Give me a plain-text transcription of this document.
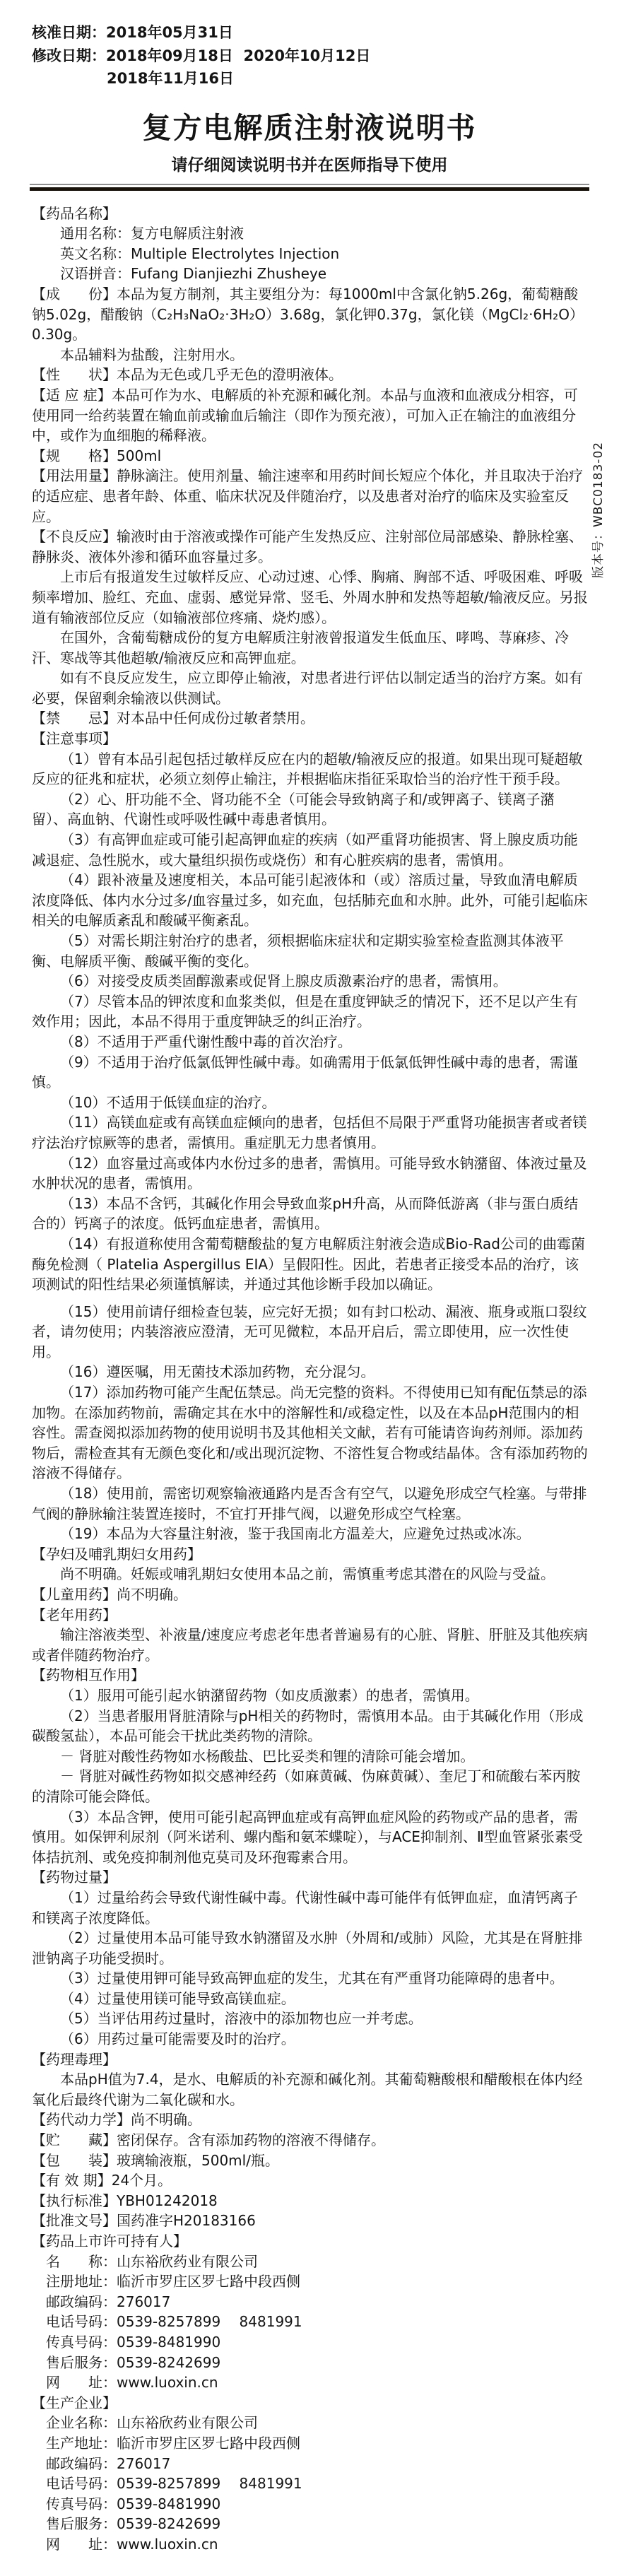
核准日期：2018年05月31日

修改日期：2018年09月18日  2020年10月12日

2018年11月16日

复方电解质注射液说明书

请仔细阅读说明书并在医师指导下使用

【药品名称】

通用名称：复方电解质注射液

英文名称：Multiple Electrolytes Injection

汉语拼音：Fufang Dianjiezhi Zhusheye

【成　　份】本品为复方制剂，其主要组分为：每1000ml中含氯化钠5.26g，葡萄糖酸钠5.02g，醋酸钠（C₂H₃NaO₂·3H₂O）3.68g，氯化钾0.37g，氯化镁（MgCl₂·6H₂O）0.30g。

本品辅料为盐酸，注射用水。

【性　　状】本品为无色或几乎无色的澄明液体。

【适 应 症】本品可作为水、电解质的补充源和碱化剂。本品与血液和血液成分相容，可使用同一给药装置在输血前或输血后输注（即作为预充液），可加入正在输注的血液组分中，或作为血细胞的稀释液。

【规　　格】500ml

【用法用量】静脉滴注。使用剂量、输注速率和用药时间长短应个体化，并且取决于治疗的适应症、患者年龄、体重、临床状况及伴随治疗，以及患者对治疗的临床及实验室反应。

【不良反应】输液时由于溶液或操作可能产生发热反应、注射部位局部感染、静脉栓塞、静脉炎、液体外渗和循环血容量过多。

上市后有报道发生过敏样反应、心动过速、心悸、胸痛、胸部不适、呼吸困难、呼吸频率增加、脸红、充血、虚弱、感觉异常、竖毛、外周水肿和发热等超敏/输液反应。另报道有输液部位反应（如输液部位疼痛、烧灼感）。

在国外，含葡萄糖成份的复方电解质注射液曾报道发生低血压、哮鸣、荨麻疹、冷汗、寒战等其他超敏/输液反应和高钾血症。

如有不良反应发生，应立即停止输液，对患者进行评估以制定适当的治疗方案。如有必要，保留剩余输液以供测试。

【禁　　忌】对本品中任何成份过敏者禁用。

【注意事项】

（1）曾有本品引起包括过敏样反应在内的超敏/输液反应的报道。如果出现可疑超敏反应的征兆和症状，必须立刻停止输注，并根据临床指征采取恰当的治疗性干预手段。

（2）心、肝功能不全、肾功能不全（可能会导致钠离子和/或钾离子、镁离子潴留）、高血钠、代谢性或呼吸性碱中毒患者慎用。

（3）有高钾血症或可能引起高钾血症的疾病（如严重肾功能损害、肾上腺皮质功能减退症、急性脱水，或大量组织损伤或烧伤）和有心脏疾病的患者，需慎用。

（4）跟补液量及速度相关，本品可能引起液体和（或）溶质过量，导致血清电解质浓度降低、体内水分过多/血容量过多，如充血，包括肺充血和水肿。此外，可能引起临床相关的电解质紊乱和酸碱平衡紊乱。

（5）对需长期注射治疗的患者，须根据临床症状和定期实验室检查监测其体液平衡、电解质平衡、酸碱平衡的变化。

（6）对接受皮质类固醇激素或促肾上腺皮质激素治疗的患者，需慎用。

（7）尽管本品的钾浓度和血浆类似，但是在重度钾缺乏的情况下，还不足以产生有效作用；因此，本品不得用于重度钾缺乏的纠正治疗。

（8）不适用于严重代谢性酸中毒的首次治疗。

（9）不适用于治疗低氯低钾性碱中毒。如确需用于低氯低钾性碱中毒的患者，需谨慎。

（10）不适用于低镁血症的治疗。

（11）高镁血症或有高镁血症倾向的患者，包括但不局限于严重肾功能损害者或者镁疗法治疗惊厥等的患者，需慎用。重症肌无力患者慎用。

（12）血容量过高或体内水份过多的患者，需慎用。可能导致水钠潴留、体液过量及水肿状况的患者，需慎用。

（13）本品不含钙，其碱化作用会导致血浆pH升高，从而降低游离（非与蛋白质结合的）钙离子的浓度。低钙血症患者，需慎用。

（14）有报道称使用含葡萄糖酸盐的复方电解质注射液会造成Bio-Rad公司的曲霉菌酶免检测（ Platelia Aspergillus EIA）呈假阳性。因此，若患者正接受本品的治疗，该项测试的阳性结果必须谨慎解读，并通过其他诊断手段加以确证。

（15）使用前请仔细检查包装，应完好无损；如有封口松动、漏液、瓶身或瓶口裂纹者，请勿使用；内装溶液应澄清，无可见微粒，本品开启后，需立即使用，应一次性使用。

（16）遵医嘱，用无菌技术添加药物，充分混匀。

（17）添加药物可能产生配伍禁忌。尚无完整的资料。不得使用已知有配伍禁忌的添加物。在添加药物前，需确定其在水中的溶解性和/或稳定性，以及在本品pH范围内的相容性。需查阅拟添加药物的使用说明书及其他相关文献，若有可能请咨询药剂师。添加药物后，需检查其有无颜色变化和/或出现沉淀物、不溶性复合物或结晶体。含有添加药物的溶液不得储存。

（18）使用前，需密切观察输液通路内是否含有空气，以避免形成空气栓塞。与带排气阀的静脉输注装置连接时，不宜打开排气阀，以避免形成空气栓塞。

（19）本品为大容量注射液，鉴于我国南北方温差大，应避免过热或冰冻。

【孕妇及哺乳期妇女用药】

尚不明确。妊娠或哺乳期妇女使用本品之前，需慎重考虑其潜在的风险与受益。

【儿童用药】尚不明确。

【老年用药】

输注溶液类型、补液量/速度应考虑老年患者普遍易有的心脏、肾脏、肝脏及其他疾病或者伴随药物治疗。

【药物相互作用】

（1）服用可能引起水钠潴留药物（如皮质激素）的患者，需慎用。

（2）当患者服用肾脏清除与pH相关的药物时，需慎用本品。由于其碱化作用（形成碳酸氢盐），本品可能会干扰此类药物的清除。

－ 肾脏对酸性药物如水杨酸盐、巴比妥类和锂的清除可能会增加。

－ 肾脏对碱性药物如拟交感神经药（如麻黄碱、伪麻黄碱）、奎尼丁和硫酸右苯丙胺的清除可能会降低。

（3）本品含钾，使用可能引起高钾血症或有高钾血症风险的药物或产品的患者，需慎用。如保钾利尿剂（阿米诺利、螺内酯和氨苯蝶啶），与ACE抑制剂、Ⅱ型血管紧张素受体拮抗剂、或免疫抑制剂他克莫司及环孢霉素合用。

【药物过量】

（1）过量给药会导致代谢性碱中毒。代谢性碱中毒可能伴有低钾血症，血清钙离子和镁离子浓度降低。

（2）过量使用本品可能导致水钠潴留及水肿（外周和/或肺）风险，尤其是在肾脏排泄钠离子功能受损时。

（3）过量使用钾可能导致高钾血症的发生，尤其在有严重肾功能障碍的患者中。

（4）过量使用镁可能导致高镁血症。

（5）当评估用药过量时，溶液中的添加物也应一并考虑。

（6）用药过量可能需要及时的治疗。

【药理毒理】

本品pH值为7.4，是水、电解质的补充源和碱化剂。其葡萄糖酸根和醋酸根在体内经氧化后最终代谢为二氧化碳和水。

【药代动力学】尚不明确。

【贮　　藏】密闭保存。含有添加药物的溶液不得储存。

【包　　装】玻璃输液瓶，500ml/瓶。

【有 效 期】24个月。

【执行标准】YBH01242018

【批准文号】国药准字H20183166

【药品上市许可持有人】

名　　称：山东裕欣药业有限公司

注册地址：临沂市罗庄区罗七路中段西侧

邮政编码：276017

电话号码：0539-8257899　 8481991

传真号码：0539-8481990

售后服务：0539-8242699

网　　址：www.luoxin.cn

【生产企业】

企业名称：山东裕欣药业有限公司

生产地址：临沂市罗庄区罗七路中段西侧

邮政编码：276017

电话号码：0539-8257899　 8481991

传真号码：0539-8481990

售后服务：0539-8242699

网　　址：www.luoxin.cn

版本号：WBC0183-02
